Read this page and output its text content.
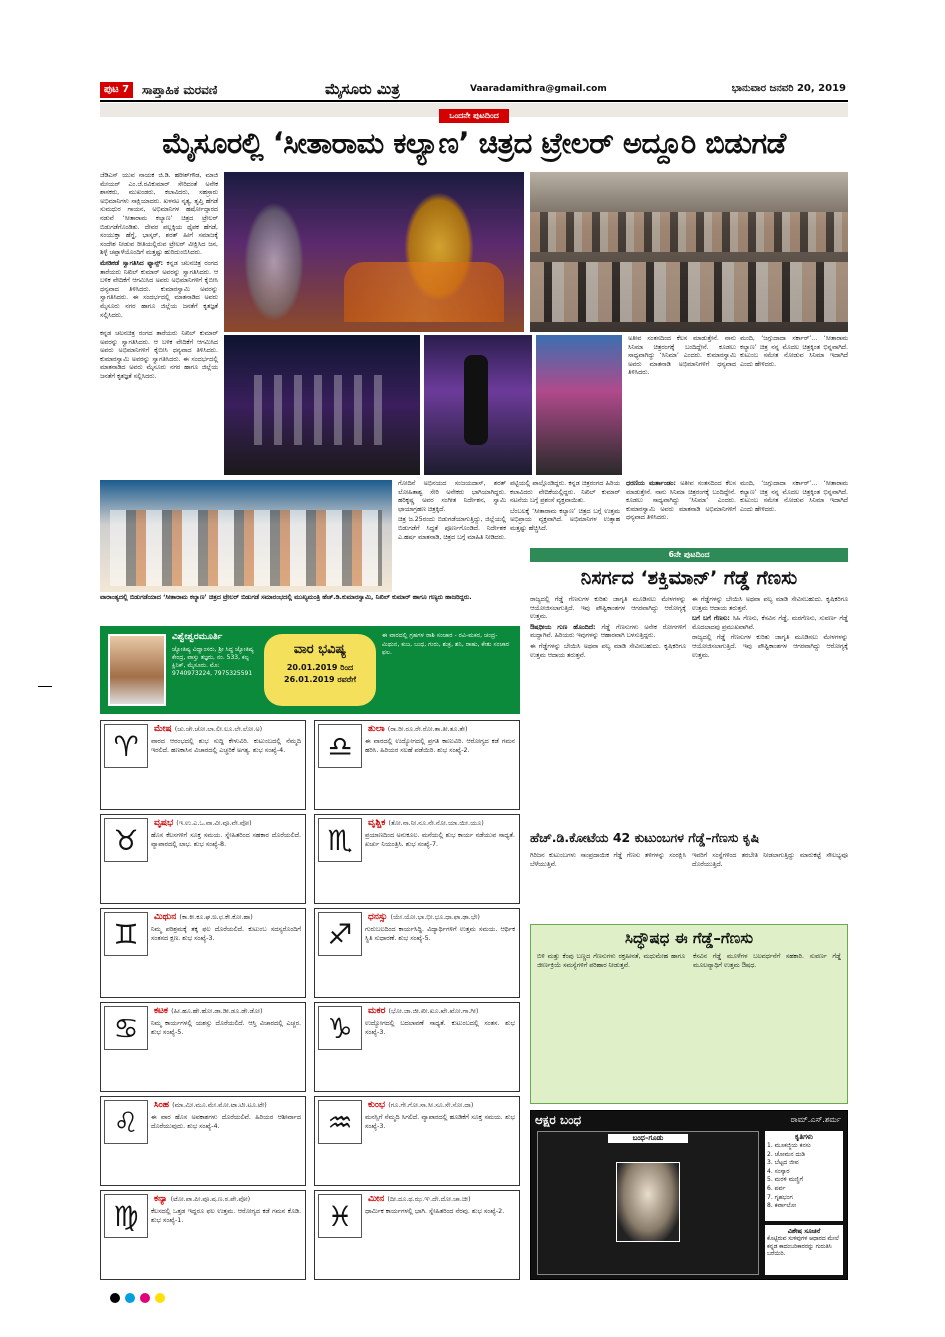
ಪುಟ 7	ಸಾಪ್ತಾಹಿಕ ಮರವಣಿ	ಮೈಸೂರು ಮಿತ್ರ	Vaaradamithra@gmail.com	ಭಾನುವಾರ ಜನವರಿ 20, 2019
ಒಂದನೇ ಪುಟದಿಂದ
ಮೈಸೂರಲ್ಲಿ ‘ಸೀತಾರಾಮ ಕಲ್ಯಾಣ’ ಚಿತ್ರದ ಟ್ರೇಲರ್ ಅದ್ದೂರಿ ಬಿಡುಗಡೆ

ಜೆಡಿಎಸ್ ಯುವ ನಾಯಕ ಜಿ.ಡಿ. ಹರೀಶ್‌ಗೌಡ, ಮಾಜಿ ಮೇಯರ್ ಎಂ.ಜೆ.ರವಿಕುಮಾರ್ ಸೇರಿದಂತೆ ಅನೇಕ ಶಾಸಕರು, ಮುಖಂಡರು, ಕಲಾವಿದರು, ಸಹಸ್ರಾರು ಅಭಿಮಾನಿಗಳು ಸಾಕ್ಷಿಯಾದರು. ಖಳನಟ ನೃತ್ಯ, ತೃಪ್ತಿ ಹೆಗಡೆ ಸುಮಧುರ ಗಾಯನ, ಅಭಿಮಾನಿಗಳ ಹರ್ಷೋದ್ಗಾರದ ನಡುವೆ ‘ಸೀತಾರಾಮ ಕಲ್ಯಾಣ’ ಚಿತ್ರದ ಟ್ರೇಲರ್ ಬಿಡುಗಡೆಗೊಂಡಿತು. ದೇವರ ಪಲ್ಲಕ್ಕಿಯ ಥೈಪಕ ಹೆಗಡೆ, ಸಂಯುಕ್ತಾ ಹೆಗ್ಡೆ, ಭಾಸ್ಕರ್, ಶರತ್ ಹೀಗೆ ಸಮಾಜಕ್ಕೆ ಸಂದೇಶ ನೀಡುವ ರೀತಿಯಲ್ಲಿರುವ ಟ್ರೇಲರ್ ವೀಕ್ಷಿಸಿದ ಜನ, ಶಿಳ್ಳೆ ಚಪ್ಪಾಳೆಯೊಂದಿಗೆ ಮತ್ತಷ್ಟು ಹುರಿದುಂಬಿಸಿದರು.

ಮೇಡಿಕಡೆ ಸ್ವಾಗತಿಸಿದ ಫ್ಯಾನ್ಸ್: ಕನ್ನಡ ಚಲನಚಿತ್ರ ರಂಗದ ತಾರೆಯರು ನಿಖಿಲ್ ಕುಮಾರ್ ಅವರನ್ನು ಸ್ವಾಗತಿಸಿದರು. ಆ ಬಳಿಕ ವೇದಿಕೆಗೆ ಆಗಮಿಸಿದ ಅವರು ಅಭಿಮಾನಿಗಳಿಗೆ ಕೈಬೀಸಿ ಧನ್ಯವಾದ ತಿಳಿಸಿದರು. ಕುಮಾರಸ್ವಾಮಿ ಅವರನ್ನು ಸ್ವಾಗತಿಸಿದರು. ಈ ಸಂದರ್ಭದಲ್ಲಿ ಮಾತನಾಡಿದ ಅವರು ಮೈಸೂರು ನಗರ ಹಾಗೂ ಜಿಲ್ಲೆಯ ಜನತೆಗೆ ಕೃತಜ್ಞತೆ ಸಲ್ಲಿಸಿದರು.

ಕನ್ನಡ ಚಲನಚಿತ್ರ ರಂಗದ ತಾರೆಯರು ನಿಖಿಲ್ ಕುಮಾರ್ ಅವರನ್ನು ಸ್ವಾಗತಿಸಿದರು. ಆ ಬಳಿಕ ವೇದಿಕೆಗೆ ಆಗಮಿಸಿದ ಅವರು ಅಭಿಮಾನಿಗಳಿಗೆ ಕೈಬೀಸಿ ಧನ್ಯವಾದ ತಿಳಿಸಿದರು. ಕುಮಾರಸ್ವಾಮಿ ಅವರನ್ನು ಸ್ವಾಗತಿಸಿದರು. ಈ ಸಂದರ್ಭದಲ್ಲಿ ಮಾತನಾಡಿದ ಅವರು ಮೈಸೂರು ನಗರ ಹಾಗೂ ಜಿಲ್ಲೆಯ ಜನತೆಗೆ ಕೃತಜ್ಞತೆ ಸಲ್ಲಿಸಿದರು.

ಅತೀವ ಸಂತಸದಿಂದ ಕೆಲಸ ಮಾಡುತ್ತೇನೆ. ನಾನು ಸಿನಿಮಾ ಚಿತ್ರರಂಗಕ್ಕೆ ಬಂದಿದ್ದೇನೆ. ಕೂಡಲು ಸಾಧ್ಯವಾಗಿದ್ದು ‘ಸಿನಿಮಾ’ ಎಂದರು. ಕುಮಾರಸ್ವಾಮಿ ಅವರು ಮಾತನಾಡಿ ಅಭಿಮಾನಿಗಳಿಗೆ ಧನ್ಯವಾದ ತಿಳಿಸಿದರು.

ಮಂದಿ, ‘ಜಗ್ಗುದಾದಾ ಸರ್ಕಾರ್’... ‘ಸೀತಾರಾಮ ಕಲ್ಯಾಣ’ ಚಿತ್ರ ನನ್ನ ಮೊದಲ ಚಿತ್ರಕ್ಕಿಂತ ಭಿನ್ನವಾಗಿದೆ. ಕುಟುಂಬ ಸಮೇತ ನೋಡುವ ಸಿನಿಮಾ ಇದಾಗಿದೆ ಎಂದು ಹೇಳಿದರು.

ಗೋದಿನೆ ಅಭಿನಯದ ಸಂಜಯದಾಸ್, ಶರತ್ ಲೋಹಿತಾಶ್ವ ಸೇರಿ ಅನೇಕರು ಭಾಗಿಯಾಗಿದ್ದರು. ಹರಿಕೃಷ್ಣ ಅವರ ಸಂಗೀತ ನಿರ್ದೇಶನ, ಸ್ವಾಮಿ ಛಾಯಾಗ್ರಹಣ ಚಿತ್ರಕ್ಕಿದೆ.

ಚಿತ್ರ ಜ.25ರಂದು ಬಿಡುಗಡೆಯಾಗುತ್ತಿದ್ದು, ಜಿಲ್ಲೆಯಲ್ಲಿ ಬಿಡುಗಡೆಗೆ ಸಿದ್ಧತೆ ಪೂರ್ಣಗೊಂಡಿದೆ. ನಿರ್ದೇಶಕ ಎ.ಹರ್ಷ ಮಾತನಾಡಿ, ಚಿತ್ರದ ಬಗ್ಗೆ ಮಾಹಿತಿ ನೀಡಿದರು.

ಪಟ್ಟಿಯಲ್ಲಿ ಪಾಲ್ಗೊಂಡಿದ್ದರು. ಕನ್ನಡ ಚಿತ್ರರಂಗದ ಹಿರಿಯ ಕಲಾವಿದರು ವೇದಿಕೆಯಲ್ಲಿದ್ದರು. ನಿಖಿಲ್ ಕುಮಾರ್ ನಟನೆಯ ಬಗ್ಗೆ ಪ್ರಶಂಸೆ ವ್ಯಕ್ತವಾಯಿತು.

ಬೆಂಬಲಕ್ಕೆ ‘ಸೀತಾರಾಮ ಕಲ್ಯಾಣ’ ಚಿತ್ರದ ಬಗ್ಗೆ ಉತ್ತಮ ಅಭಿಪ್ರಾಯ ವ್ಯಕ್ತವಾಗಿದೆ. ಅಭಿಮಾನಿಗಳ ಉತ್ಸಾಹ ಮತ್ತಷ್ಟು ಹೆಚ್ಚಿಸಿದೆ.

ಧರಣಿಯ ಮರ್ತಾಂಡಂ: ಅತೀವ ಸಂತಸದಿಂದ ಕೆಲಸ ಮಾಡುತ್ತೇನೆ. ನಾನು ಸಿನಿಮಾ ಚಿತ್ರರಂಗಕ್ಕೆ ಬಂದಿದ್ದೇನೆ. ಕೂಡಲು ಸಾಧ್ಯವಾಗಿದ್ದು ‘ಸಿನಿಮಾ’ ಎಂದರು. ಕುಮಾರಸ್ವಾಮಿ ಅವರು ಮಾತನಾಡಿ ಅಭಿಮಾನಿಗಳಿಗೆ ಧನ್ಯವಾದ ತಿಳಿಸಿದರು.

ಮಂದಿ, ‘ಜಗ್ಗುದಾದಾ ಸರ್ಕಾರ್’... ‘ಸೀತಾರಾಮ ಕಲ್ಯಾಣ’ ಚಿತ್ರ ನನ್ನ ಮೊದಲ ಚಿತ್ರಕ್ಕಿಂತ ಭಿನ್ನವಾಗಿದೆ. ಕುಟುಂಬ ಸಮೇತ ನೋಡುವ ಸಿನಿಮಾ ಇದಾಗಿದೆ ಎಂದು ಹೇಳಿದರು.

ವಾರಾಂತ್ಯದಲ್ಲಿ ಬಿಡುಗಡೆಯಾದ ‘ಸೀತಾರಾಮ ಕಲ್ಯಾಣ’ ಚಿತ್ರದ ಟ್ರೇಲರ್ ಬಿಡುಗಡೆ ಸಮಾರಂಭದಲ್ಲಿ ಮುಖ್ಯಮಂತ್ರಿ ಹೆಚ್.ಡಿ.ಕುಮಾರಸ್ವಾಮಿ, ನಿಖಿಲ್ ಕುಮಾರ್ ಹಾಗೂ ಗಣ್ಯರು ಹಾಜರಿದ್ದರು.
ವಿಶ್ವೇಶ್ವರಮೂರ್ತಿ
ಜ್ಯೋತಿಷ್ಯ ವಿದ್ವಾಂಸರು, ಶ್ರೀ ಸಿದ್ಧ ಜ್ಯೋತಿಷ್ಯ ಕೇಂದ್ರ, ವಾಸ್ತು ತಜ್ಞರು, ನಂ. 533, ಕಲ್ಪ ಕ್ಲಿನಿಕ್, ಮೈಸೂರು. ಮೊ: 9740973224, 7975325591
ವಾರ ಭವಿಷ್ಯ
20.01.2019 ರಿಂದ
26.01.2019 ರವರೆಗೆ
ಈ ವಾರದಲ್ಲಿ ಗ್ರಹಗಳ ರಾಶಿ ಸಂಚಾರ - ರವಿ-ಮಕರ, ಚಂದ್ರ-ಮಿಥುನ, ಕುಜ, ಬುಧ, ಗುರು, ಶುಕ್ರ, ಶನಿ, ರಾಹು, ಕೇತು ಸಂಚಾರ ಫಲ.
♈
ಮೇಷ (ಚು.ಚೇ.ಚೋ.ಲಾ.ಲೀ.ಲೂ.ಲೇ.ಲೋ.ಅ)
ವಾರದ ಆರಂಭದಲ್ಲಿ ಶುಭ ಸುದ್ದಿ ಕೇಳುವಿರಿ. ಕುಟುಂಬದಲ್ಲಿ ನೆಮ್ಮದಿ ಇರಲಿದೆ. ಹಣಕಾಸಿನ ವಿಚಾರದಲ್ಲಿ ಎಚ್ಚರಿಕೆ ಅಗತ್ಯ. ಶುಭ ಸಂಖ್ಯೆ-4.	♎
ತುಲಾ (ರಾ.ರೀ.ರೂ.ರೇ.ರೋ.ತಾ.ತೀ.ತೂ.ತೇ)
ಈ ವಾರದಲ್ಲಿ ಉದ್ಯೋಗದಲ್ಲಿ ಪ್ರಗತಿ ಕಾಣುವಿರಿ. ಆರೋಗ್ಯದ ಕಡೆ ಗಮನ ಹರಿಸಿ. ಹಿರಿಯರ ಸಲಹೆ ಪಡೆಯಿರಿ. ಶುಭ ಸಂಖ್ಯೆ-2.
♉
ವೃಷಭ (ಇ.ಉ.ಎ.ಒ.ವಾ.ವೀ.ವೂ.ವೇ.ವೋ)
ಹೊಸ ಕೆಲಸಗಳಿಗೆ ಸೂಕ್ತ ಸಮಯ. ಸ್ನೇಹಿತರಿಂದ ಸಹಕಾರ ದೊರೆಯಲಿದೆ. ವ್ಯಾಪಾರದಲ್ಲಿ ಲಾಭ. ಶುಭ ಸಂಖ್ಯೆ-8.	♏
ವೃಶ್ಚಿಕ (ತೋ.ನಾ.ನೀ.ನೂ.ನೇ.ನೋ.ಯಾ.ಯೀ.ಯೂ)
ಪ್ರಯಾಣದಿಂದ ಅನುಕೂಲ. ಮನೆಯಲ್ಲಿ ಶುಭ ಕಾರ್ಯ ನಡೆಯುವ ಸಾಧ್ಯತೆ. ಖರ್ಚು ನಿಯಂತ್ರಿಸಿ. ಶುಭ ಸಂಖ್ಯೆ-7.
♊
ಮಿಥುನ (ಕಾ.ಕೀ.ಕೂ.ಘ.ಙ.ಛ.ಕೇ.ಕೋ.ಹಾ)
ನಿಮ್ಮ ಪರಿಶ್ರಮಕ್ಕೆ ತಕ್ಕ ಫಲ ದೊರೆಯಲಿದೆ. ಕುಟುಂಬ ಸದಸ್ಯರೊಂದಿಗೆ ಸಂತಸದ ಕ್ಷಣ. ಶುಭ ಸಂಖ್ಯೆ-3.	♐
ಧನಸ್ಸು (ಯೇ.ಯೋ.ಭಾ.ಭೀ.ಭೂ.ಧಾ.ಫಾ.ಢಾ.ಭೇ)
ಗುರುಬಲದಿಂದ ಕಾರ್ಯಸಿದ್ಧಿ. ವಿದ್ಯಾರ್ಥಿಗಳಿಗೆ ಉತ್ತಮ ಸಮಯ. ಆರ್ಥಿಕ ಸ್ಥಿತಿ ಸುಧಾರಣೆ. ಶುಭ ಸಂಖ್ಯೆ-5.
♋
ಕಟಕ (ಹೀ.ಹೂ.ಹೇ.ಹೋ.ಡಾ.ಡೀ.ಡೂ.ಡೇ.ಡೋ)
ನಿಮ್ಮ ಕಾರ್ಯಗಳಲ್ಲಿ ಯಶಸ್ಸು ದೊರೆಯಲಿದೆ. ಆಸ್ತಿ ವಿಚಾರದಲ್ಲಿ ಎಚ್ಚರ. ಶುಭ ಸಂಖ್ಯೆ-5.	♑
ಮಕರ (ಭೋ.ಜಾ.ಜೀ.ಖೀ.ಖೂ.ಖೇ.ಖೋ.ಗಾ.ಗೀ)
ಉದ್ಯೋಗದಲ್ಲಿ ಬದಲಾವಣೆ ಸಾಧ್ಯತೆ. ಕುಟುಂಬದಲ್ಲಿ ಸಂತಸ. ಶುಭ ಸಂಖ್ಯೆ-3.
♌
ಸಿಂಹ (ಮಾ.ಮೀ.ಮೂ.ಮೇ.ಮೋ.ಟಾ.ಟೀ.ಟೂ.ಟೇ)
ಈ ವಾರ ಹೊಸ ಅವಕಾಶಗಳು ದೊರೆಯಲಿವೆ. ಹಿರಿಯರ ಆಶೀರ್ವಾದ ದೊರೆಯುವುದು. ಶುಭ ಸಂಖ್ಯೆ-4.	♒
ಕುಂಭ (ಗೂ.ಗೇ.ಗೋ.ಸಾ.ಸೀ.ಸೂ.ಸೇ.ಸೋ.ದಾ)
ಮನಸ್ಸಿಗೆ ನೆಮ್ಮದಿ ಸಿಗಲಿದೆ. ವ್ಯಾಪಾರದಲ್ಲಿ ಹೂಡಿಕೆಗೆ ಸೂಕ್ತ ಸಮಯ. ಶುಭ ಸಂಖ್ಯೆ-3.
♍
ಕನ್ಯಾ (ಟೋ.ಪಾ.ಪೀ.ಪೂ.ಷ.ಣ.ಠ.ಪೇ.ಪೋ)
ಕೆಲಸದಲ್ಲಿ ಒತ್ತಡ ಇದ್ದರೂ ಫಲ ಉತ್ತಮ. ಆರೋಗ್ಯದ ಕಡೆ ಗಮನ ಕೊಡಿ. ಶುಭ ಸಂಖ್ಯೆ-1.	♓
ಮೀನ (ದೀ.ದೂ.ಥ.ಝ.ಞ.ದೇ.ದೋ.ಚಾ.ಚೀ)
ಧಾರ್ಮಿಕ ಕಾರ್ಯಗಳಲ್ಲಿ ಭಾಗಿ. ಸ್ನೇಹಿತರಿಂದ ನೆರವು. ಶುಭ ಸಂಖ್ಯೆ-2.
6ನೇ ಪುಟದಿಂದ
ನಿಸರ್ಗದ ‘ಶಕ್ತಿಮಾನ್’ ಗೆಡ್ಡೆ ಗೆಣಸು

ರಾಜ್ಯದಲ್ಲಿ ಗೆಡ್ಡೆ ಗೆಣಸುಗಳ ಕುರಿತು ಜಾಗೃತಿ ಮೂಡಿಸಲು ಮೇಳಗಳನ್ನು ಆಯೋಜಿಸಲಾಗುತ್ತಿದೆ. ಇವು ಪೌಷ್ಟಿಕಾಂಶಗಳ ಆಗರವಾಗಿದ್ದು ಆರೋಗ್ಯಕ್ಕೆ ಉತ್ತಮ.

ಔಷಧೀಯ ಗುಣ ಹೊಂದಿದೆ: ಗೆಡ್ಡೆ ಗೆಣಸುಗಳು ಅನೇಕ ರೋಗಗಳಿಗೆ ಮದ್ದಾಗಿವೆ. ಹಿರಿಯರು ಇವುಗಳನ್ನು ಆಹಾರವಾಗಿ ಬಳಸುತ್ತಿದ್ದರು.

ಈ ಗೆಡ್ಡೆಗಳನ್ನು ಬೇಯಿಸಿ ಅಥವಾ ಪಲ್ಯ ಮಾಡಿ ಸೇವಿಸಬಹುದು. ಕೃಷಿಕರಿಗೂ ಉತ್ತಮ ಆದಾಯ ತರುತ್ತವೆ.

ಈ ಗೆಡ್ಡೆಗಳನ್ನು ಬೇಯಿಸಿ ಅಥವಾ ಪಲ್ಯ ಮಾಡಿ ಸೇವಿಸಬಹುದು. ಕೃಷಿಕರಿಗೂ ಉತ್ತಮ ಆದಾಯ ತರುತ್ತವೆ.

ಬಗೆ ಬಗೆ ಗೆಣಸು: ಸಿಹಿ ಗೆಣಸು, ಕೆಸವಿನ ಗೆಡ್ಡೆ, ಮರಗೆಣಸು, ಸುವರ್ಣ ಗೆಡ್ಡೆ ಮೊದಲಾದವು ಪ್ರಮುಖವಾಗಿವೆ.

ರಾಜ್ಯದಲ್ಲಿ ಗೆಡ್ಡೆ ಗೆಣಸುಗಳ ಕುರಿತು ಜಾಗೃತಿ ಮೂಡಿಸಲು ಮೇಳಗಳನ್ನು ಆಯೋಜಿಸಲಾಗುತ್ತಿದೆ. ಇವು ಪೌಷ್ಟಿಕಾಂಶಗಳ ಆಗರವಾಗಿದ್ದು ಆರೋಗ್ಯಕ್ಕೆ ಉತ್ತಮ.

ಹೆಚ್.ಡಿ.ಕೋಟೆಯ 42 ಕುಟುಂಬಗಳ ಗೆಡ್ಡೆ–ಗೆಣಸು ಕೃಷಿ

ಗಿರಿಜನ ಕುಟುಂಬಗಳು ಸಾಂಪ್ರದಾಯಿಕ ಗೆಡ್ಡೆ ಗೆಣಸು ತಳಿಗಳನ್ನು ಸಂರಕ್ಷಿಸಿ ಬೆಳೆಯುತ್ತಿವೆ.

ಇವರಿಗೆ ಸಂಸ್ಥೆಗಳಿಂದ ತರಬೇತಿ ನೀಡಲಾಗುತ್ತಿದ್ದು ಮಾರುಕಟ್ಟೆ ಸೌಲಭ್ಯವೂ ದೊರೆಯುತ್ತಿದೆ.

ಸಿದ್ಧೌಷಧ ಈ ಗೆಡ್ಡೆ–ಗೆಣಸು
ಬಿಳಿ ಮತ್ತು ಕೆಂಪು ಬಣ್ಣದ ಗೆಣಸುಗಳು ರಕ್ತಹೀನತೆ, ಮಧುಮೇಹ ಹಾಗೂ ಜೀರ್ಣಕ್ರಿಯೆ ಸಮಸ್ಯೆಗಳಿಗೆ ಪರಿಹಾರ ನೀಡುತ್ತವೆ.
ಕೆಸವಿನ ಗೆಡ್ಡೆ ಮೂಳೆಗಳ ಬಲವರ್ಧನೆಗೆ ಸಹಕಾರಿ. ಸುವರ್ಣ ಗೆಡ್ಡೆ ಮೂಲವ್ಯಾಧಿಗೆ ಉತ್ತಮ ಔಷಧ.
ಆಕ್ಷರ ಬಂಧ	ರಾಮ್.ಎಸ್.ಶರ್ಮ
ಬಂಧ–ಗೂಡು	ಕೃತಿಗಳು
1. ಮೂಕಜ್ಜಿಯ ಕನಸು
2. ಚೋಮನ ದುಡಿ
3. ಬೆಟ್ಟದ ಜೀವ
4. ಸಂಸ್ಕಾರ
5. ಮರಳಿ ಮಣ್ಣಿಗೆ
6. ಪರ್ವ
7. ಗೃಹಭಂಗ
8. ಕರ್ವಾಲೋ
ವಿಶೇಷ ಸೂಚನೆ
ಕೊಟ್ಟಿರುವ ಸುಳಿವುಗಳ ಆಧಾರದ ಮೇಲೆ ಕನ್ನಡ ಕಾದಂಬರಿಕಾರರನ್ನು ಗುರುತಿಸಿ ಬರೆಯಿರಿ.
